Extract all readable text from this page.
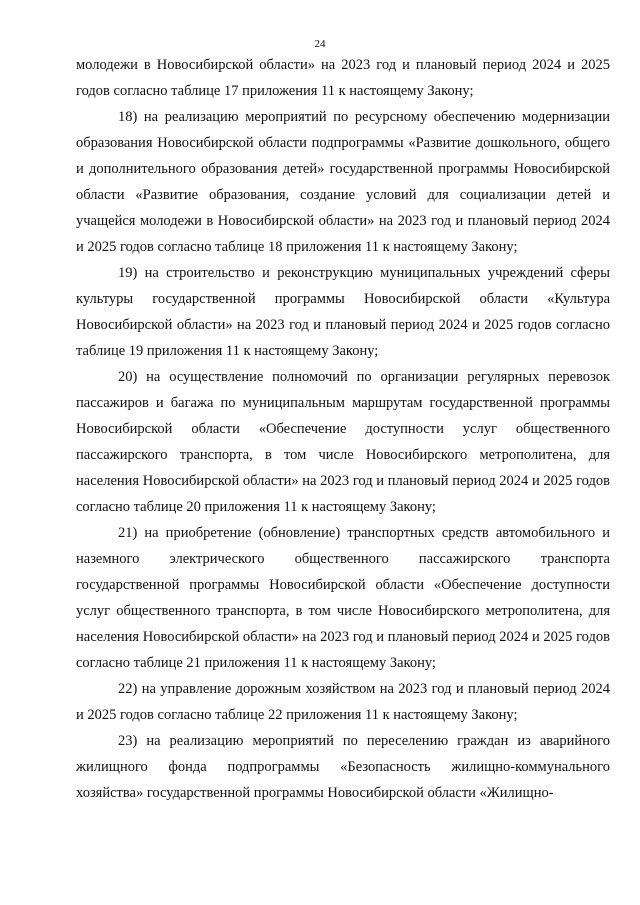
24

молодежи в Новосибирской области» на 2023 год и плановый период 2024 и 2025 годов согласно таблице 17 приложения 11 к настоящему Закону;

18) на реализацию мероприятий по ресурсному обеспечению модернизации образования Новосибирской области подпрограммы «Развитие дошкольного, общего и дополнительного образования детей» государственной программы Новосибирской области «Развитие образования, создание условий для социализации детей и учащейся молодежи в Новосибирской области» на 2023 год и плановый период 2024 и 2025 годов согласно таблице 18 приложения 11 к настоящему Закону;

19) на строительство и реконструкцию муниципальных учреждений сферы культуры государственной программы Новосибирской области «Культура Новосибирской области» на 2023 год и плановый период 2024 и 2025 годов согласно таблице 19 приложения 11 к настоящему Закону;

20) на осуществление полномочий по организации регулярных перевозок пассажиров и багажа по муниципальным маршрутам государственной программы Новосибирской области «Обеспечение доступности услуг общественного пассажирского транспорта, в том числе Новосибирского метрополитена, для населения Новосибирской области» на 2023 год и плановый период 2024 и 2025 годов согласно таблице 20 приложения 11 к настоящему Закону;

21) на приобретение (обновление) транспортных средств автомобильного и наземного электрического общественного пассажирского транспорта государственной программы Новосибирской области «Обеспечение доступности услуг общественного транспорта, в том числе Новосибирского метрополитена, для населения Новосибирской области» на 2023 год и плановый период 2024 и 2025 годов согласно таблице 21 приложения 11 к настоящему Закону;

22) на управление дорожным хозяйством на 2023 год и плановый период 2024 и 2025 годов согласно таблице 22 приложения 11 к настоящему Закону;

23) на реализацию мероприятий по переселению граждан из аварийного жилищного фонда подпрограммы «Безопасность жилищно-коммунального хозяйства» государственной программы Новосибирской области «Жилищно-
